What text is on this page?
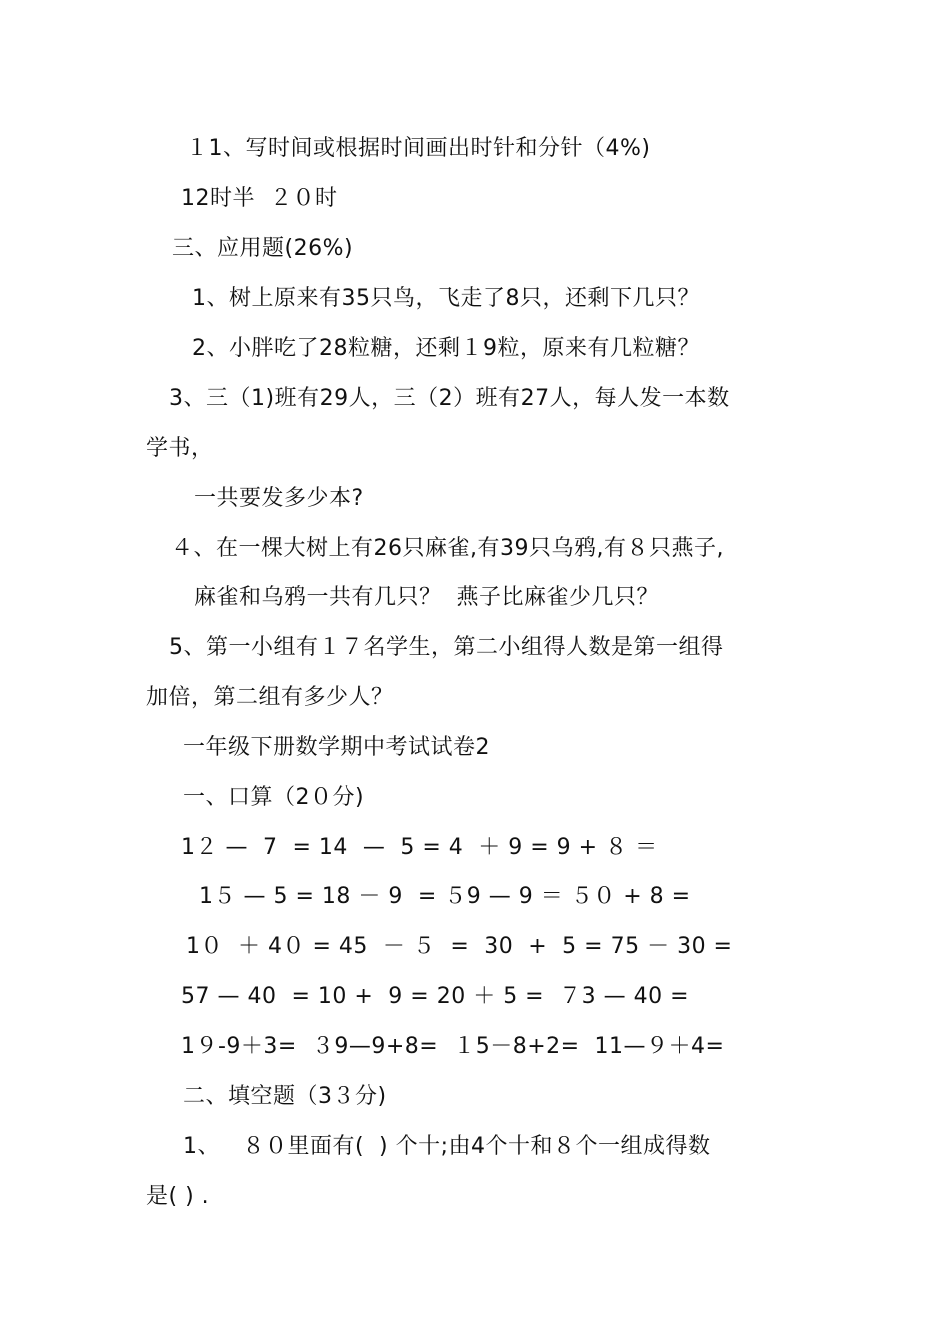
１1、写时间或根据时间画出时针和分针（4%)
12时半  ２０时
三、应用题(26%)
1、树上原来有35只鸟，飞走了8只，还剩下几只？
2、小胖吃了28粒糖，还剩１9粒，原来有几粒糖？
3、三（1)班有29人，三（2）班有27人，每人发一本数
学书，
一共要发多少本?
４、在一棵大树上有26只麻雀,有39只乌鸦,有８只燕子,
麻雀和乌鸦一共有几只？  燕子比麻雀少几只？
5、第一小组有１７名学生，第二小组得人数是第一组得
加倍，第二组有多少人？
一年级下册数学期中考试试卷2
一、口算（2０分)
1２ —  7  = 14  —  5 = 4  ＋ 9 = 9 + ８ ＝
1５ — 5 = 18 － 9  = ５9 — 9 ＝ ５０ + 8 =
1０  ＋ 4０ = 45  － ５  =  30  +  5 = 75 － 30 =
57 — 40  = 10 +  9 = 20 ＋ 5 =  ７3 — 40 =
1９-9＋3=  ３9—9+8=  １5－8+2=  11—９＋4=
二、填空题（3３分)
1、   ８０里面有(  ) 个十;由4个十和８个一组成得数
是( ) .
